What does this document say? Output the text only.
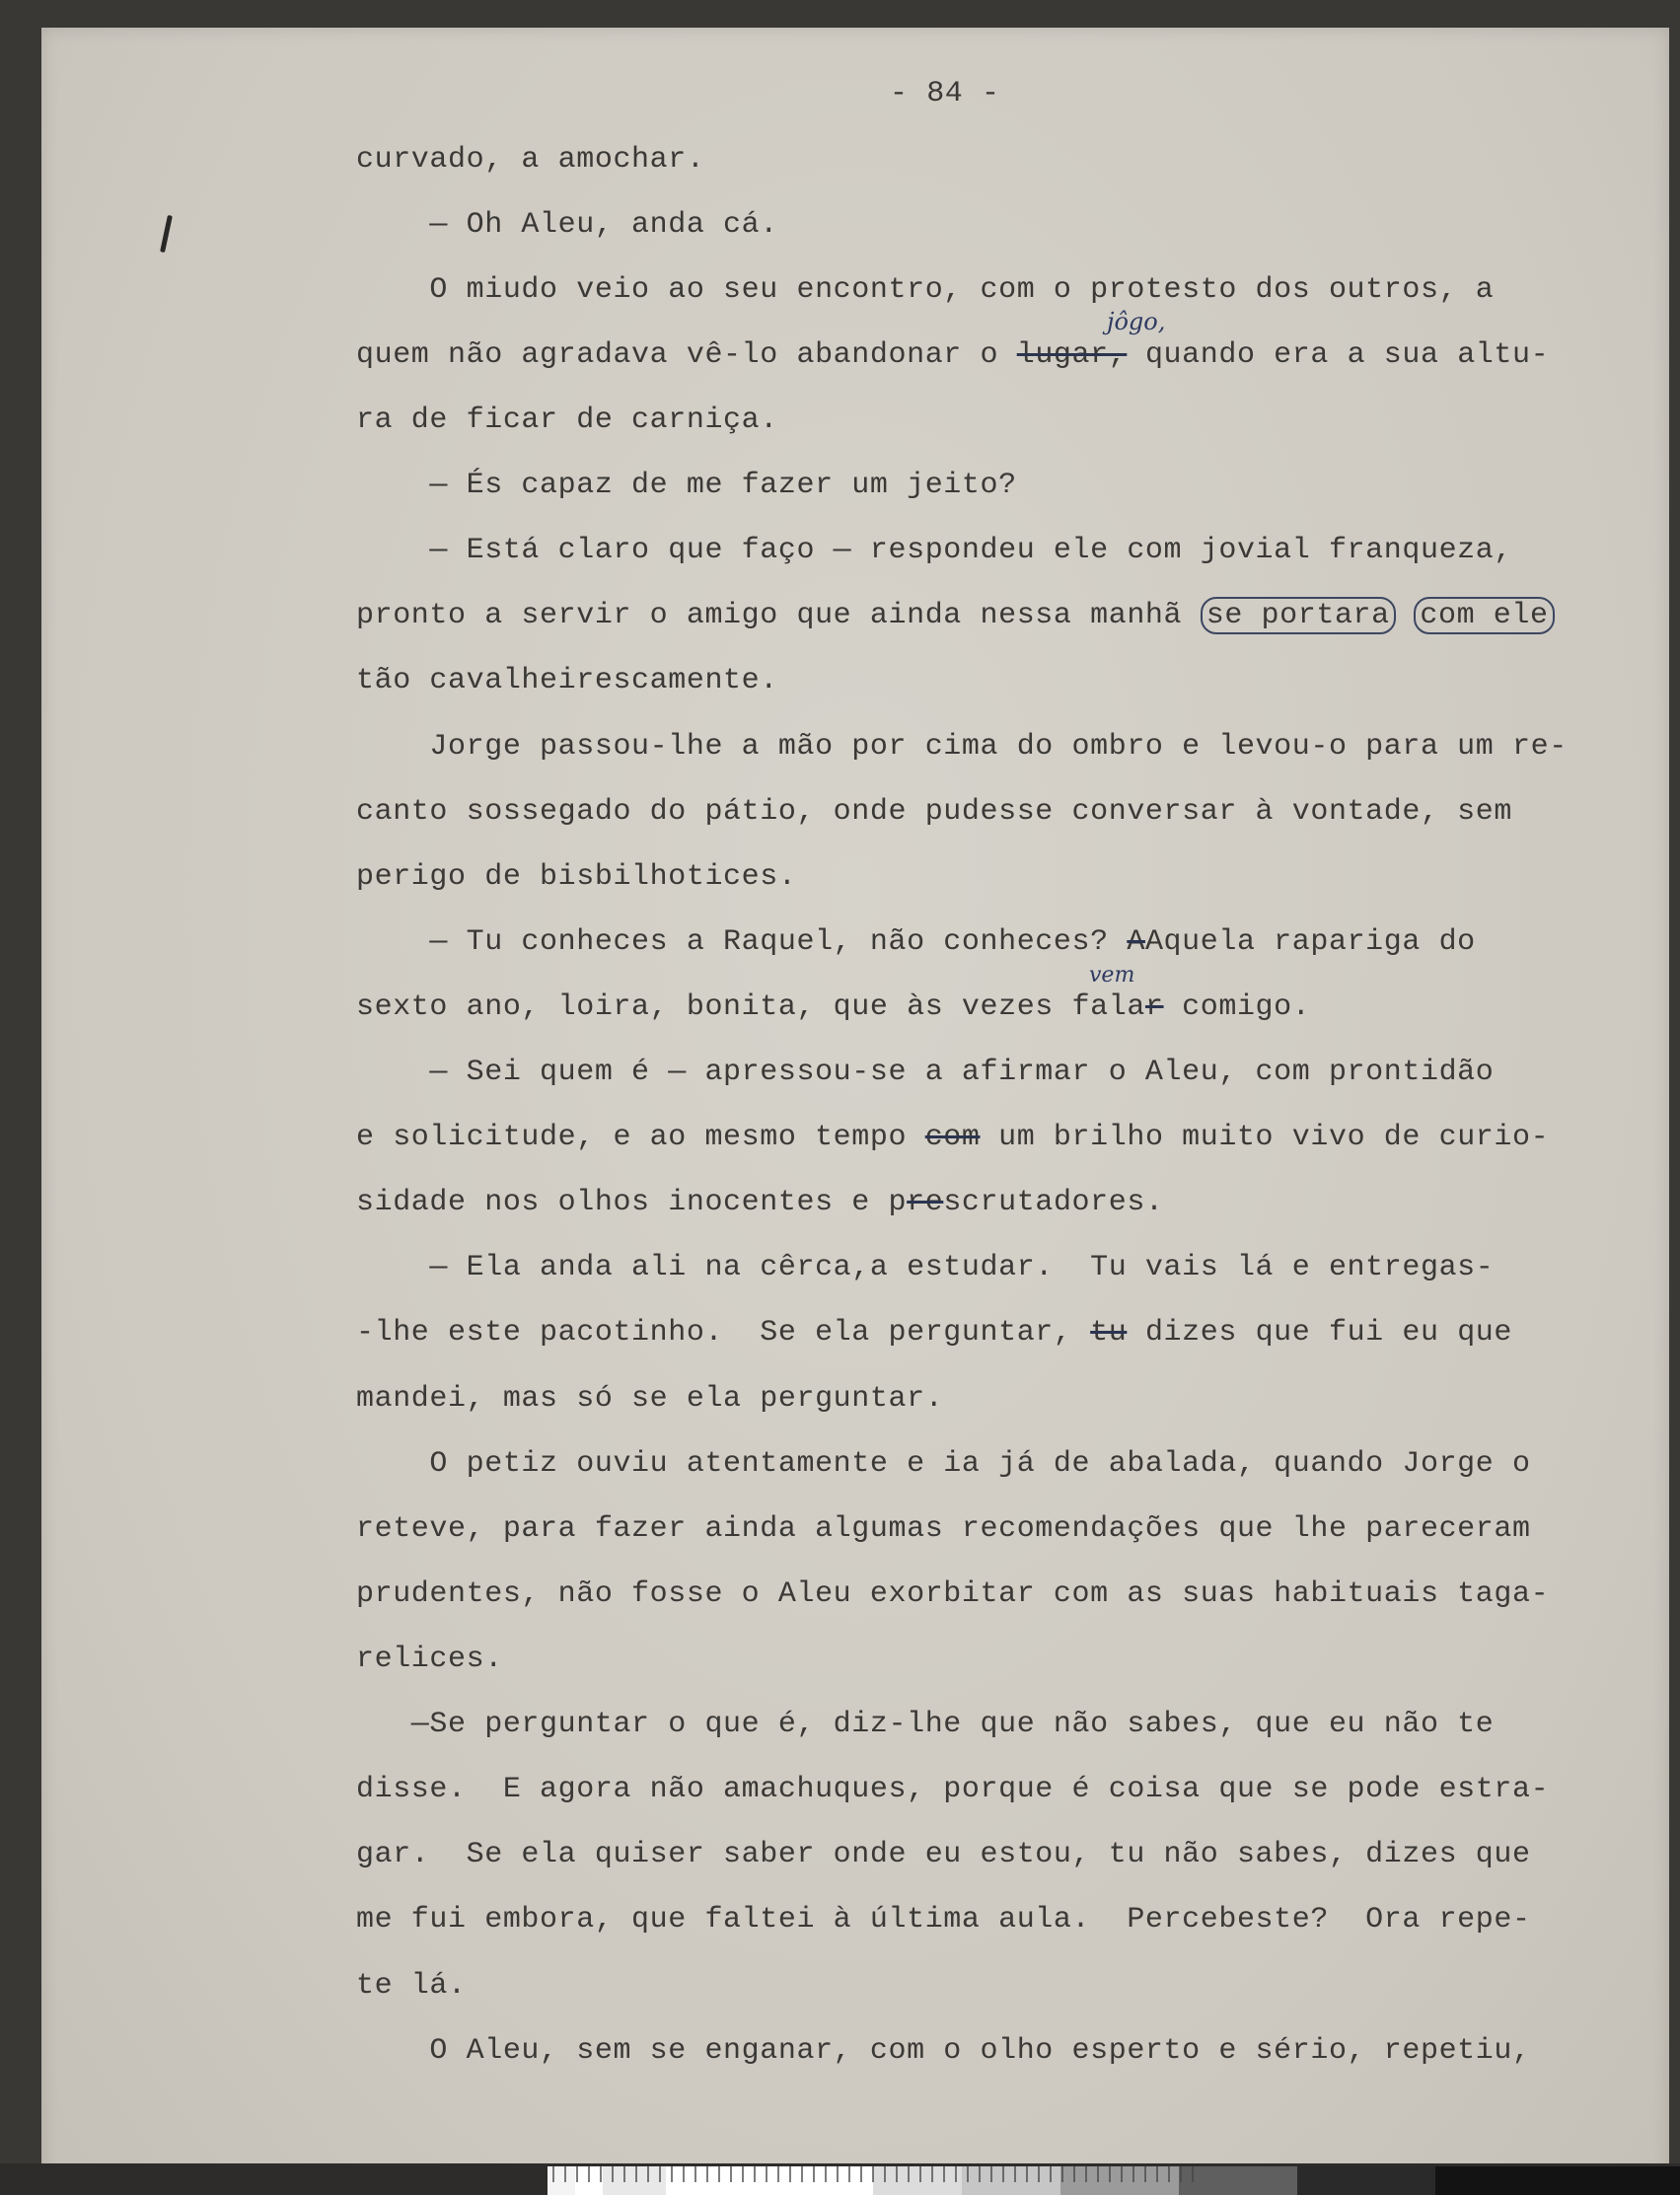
- 84 -
curvado, a amochar.
— Oh Aleu, anda cá.
O miudo veio ao seu encontro, com o protesto dos outros, a
quem não agradava vê-lo abandonar o lugar, quando era a sua altu-
jôgo,
ra de ficar de carniça.
— És capaz de me fazer um jeito?
— Está claro que faço — respondeu ele com jovial franqueza,
pronto a servir o amigo que ainda nessa manhã se portara com ele
tão cavalheirescamente.
Jorge passou-lhe a mão por cima do ombro e levou-o para um re-
canto sossegado do pátio, onde pudesse conversar à vontade, sem
perigo de bisbilhotices.
— Tu conheces a Raquel, não conheces? AAquela rapariga do
sexto ano, loira, bonita, que às vezes falar comigo.
vem
— Sei quem é — apressou-se a afirmar o Aleu, com prontidão
e solicitude, e ao mesmo tempo com um brilho muito vivo de curio-
sidade nos olhos inocentes e prescrutadores.
— Ela anda ali na cêrca,a estudar.  Tu vais lá e entregas-
-lhe este pacotinho.  Se ela perguntar, tu dizes que fui eu que
mandei, mas só se ela perguntar.
O petiz ouviu atentamente e ia já de abalada, quando Jorge o
reteve, para fazer ainda algumas recomendações que lhe pareceram
prudentes, não fosse o Aleu exorbitar com as suas habituais taga-
relices.
—Se perguntar o que é, diz-lhe que não sabes, que eu não te
disse.  E agora não amachuques, porque é coisa que se pode estra-
gar.  Se ela quiser saber onde eu estou, tu não sabes, dizes que
me fui embora, que faltei à última aula.  Percebeste?  Ora repe-
te lá.
O Aleu, sem se enganar, com o olho esperto e sério, repetiu,
